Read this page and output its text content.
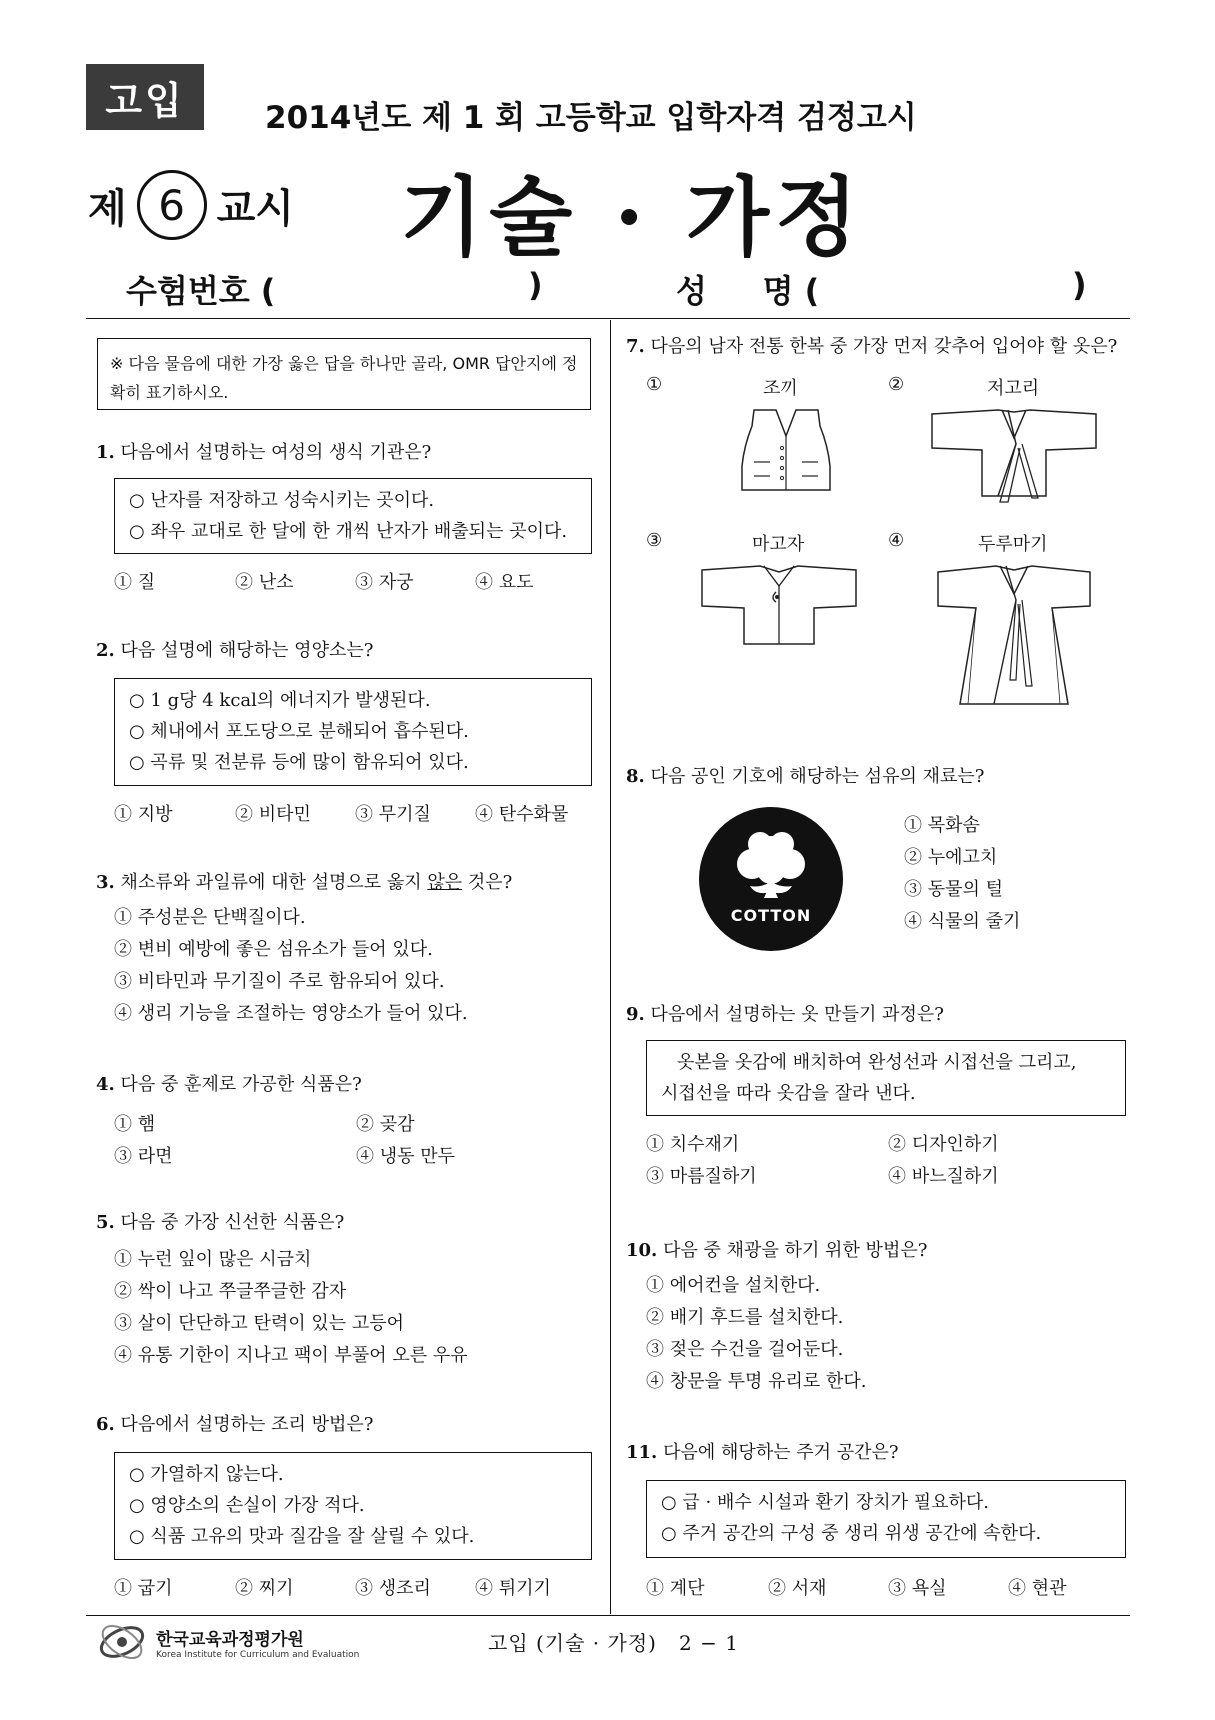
고입	2014년도 제 1 회 고등학교 입학자격 검정고시
제 6 교시 기술 · 가정
수험번호 (	)	성     명 (	)
※ 다음 물음에 대한 가장 옳은 답을 하나만 골라, OMR 답안지에 정확히 표기하시오.
1. 다음에서 설명하는 여성의 생식 기관은?
○ 난자를 저장하고 성숙시키는 곳이다.
○ 좌우 교대로 한 달에 한 개씩 난자가 배출되는 곳이다.
① 질	② 난소	③ 자궁	④ 요도
2. 다음 설명에 해당하는 영양소는?
○ 1 g당 4 kcal의 에너지가 발생된다.
○ 체내에서 포도당으로 분해되어 흡수된다.
○ 곡류 및 전분류 등에 많이 함유되어 있다.
① 지방	② 비타민 ③ 무기질 ④ 탄수화물
3. 채소류와 과일류에 대한 설명으로 옳지 않은 것은?
① 주성분은 단백질이다.
② 변비 예방에 좋은 섬유소가 들어 있다.
③ 비타민과 무기질이 주로 함유되어 있다.
④ 생리 기능을 조절하는 영양소가 들어 있다.
4. 다음 중 훈제로 가공한 식품은?
① 햄	② 곶감
③ 라면	④ 냉동 만두
5. 다음 중 가장 신선한 식품은?
① 누런 잎이 많은 시금치
② 싹이 나고 쭈글쭈글한 감자
③ 살이 단단하고 탄력이 있는 고등어
④ 유통 기한이 지나고 팩이 부풀어 오른 우유
6. 다음에서 설명하는 조리 방법은?
○ 가열하지 않는다.
○ 영양소의 손실이 가장 적다.
○ 식품 고유의 맛과 질감을 잘 살릴 수 있다.
① 굽기	② 찌기	③ 생조리 ④ 튀기기
7. 다음의 남자 전통 한복 중 가장 먼저 갖추어 입어야 할 옷은?
①	조끼	②	저고리
③	마고자	④	두루마기
8. 다음 공인 기호에 해당하는 섬유의 재료는?
COTTON
① 목화솜
② 누에고치
③ 동물의 털
④ 식물의 줄기
9. 다음에서 설명하는 옷 만들기 과정은?
옷본을 옷감에 배치하여 완성선과 시접선을 그리고,
시접선을 따라 옷감을 잘라 낸다.
① 치수재기	② 디자인하기
③ 마름질하기	④ 바느질하기
10. 다음 중 채광을 하기 위한 방법은?
① 에어컨을 설치한다.
② 배기 후드를 설치한다.
③ 젖은 수건을 걸어둔다.
④ 창문을 투명 유리로 한다.
11. 다음에 해당하는 주거 공간은?
○ 급 · 배수 시설과 환기 장치가 필요하다.
○ 주거 공간의 구성 중 생리 위생 공간에 속한다.
① 계단	② 서재	③ 욕실	④ 현관
한국교육과정평가원
Korea Institute for Curriculum and Evaluation	고입 (기술 · 가정)   2 − 1
